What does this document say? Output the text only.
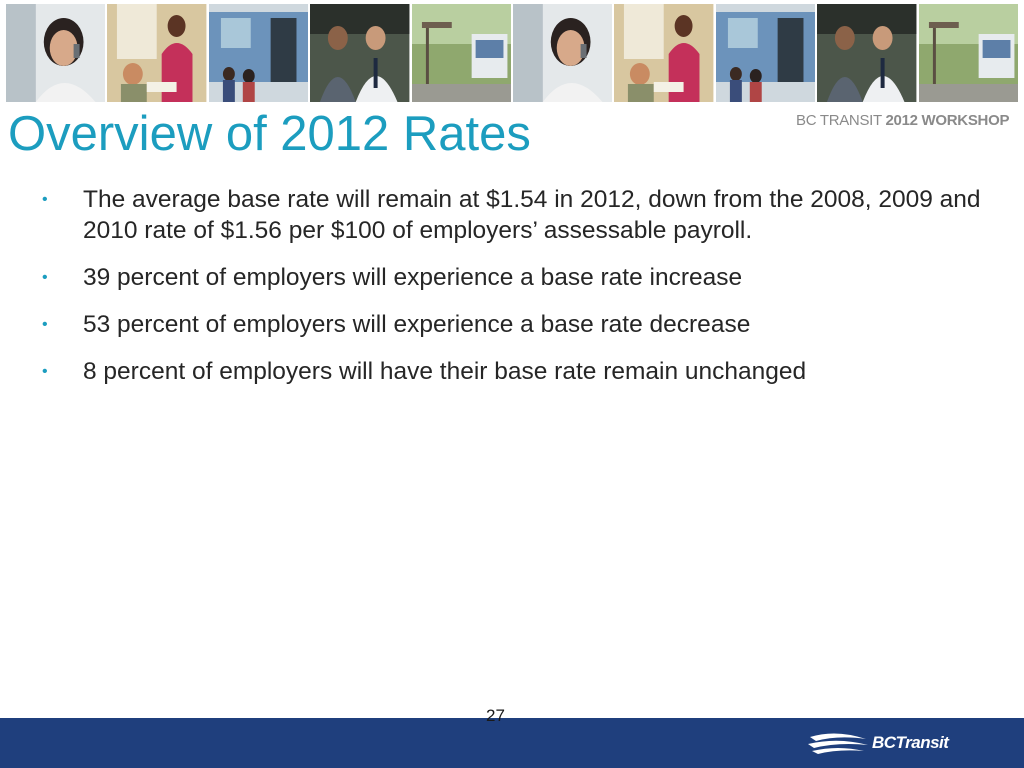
Overview of 2012 Rates	BC TRANSIT 2012 WORKSHOP
• The average base rate will remain at $1.54 in 2012, down from the 2008, 2009 and 2010 rate of $1.56 per $100 of employers’ assessable payroll.
• 39 percent of employers will experience a base rate increase
• 53 percent of employers will experience a base rate decrease
• 8 percent of employers will have their base rate remain unchanged
27
BCTransit
